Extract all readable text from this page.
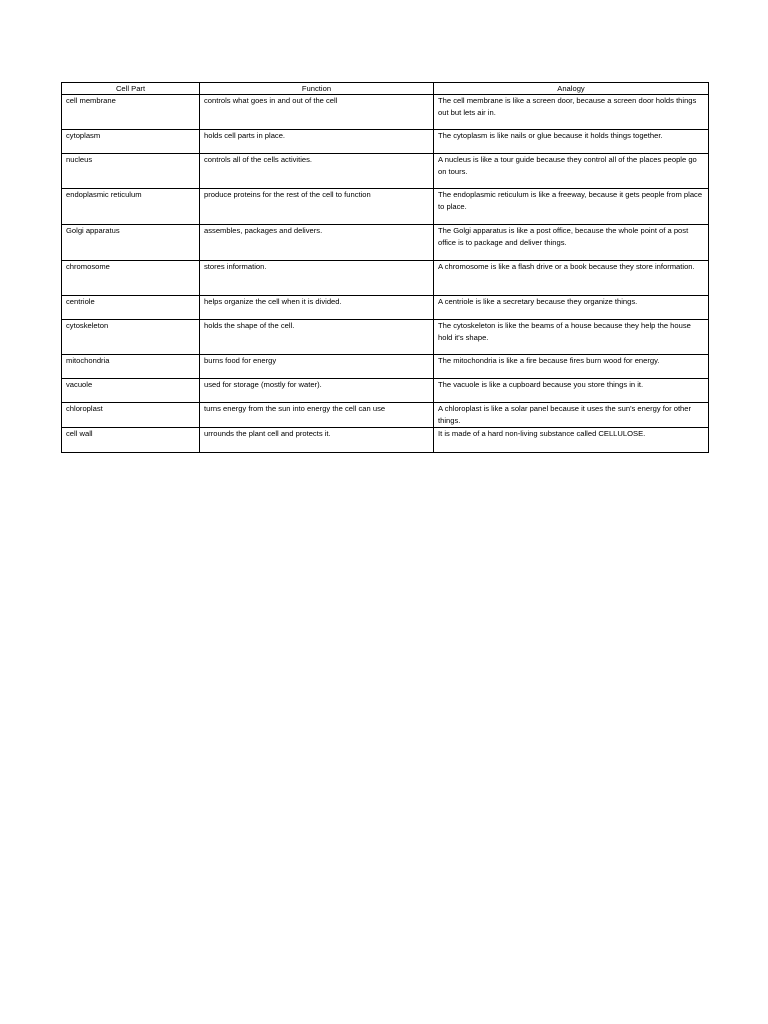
Cell Part	Function	Analogy
cell membrane	controls what goes in and out of the cell	The cell membrane is like a screen door, because a screen door holds things out but lets air in.
cytoplasm	holds cell parts in place.	The cytoplasm is like nails or glue because it holds things together.
nucleus	controls all of the cells activities.	A nucleus is like a tour guide because they control all of the places people go on tours.
endoplasmic reticulum	produce proteins for the rest of the cell to function	The endoplasmic reticulum is like a freeway, because it gets people from place to place.
Golgi apparatus	assembles, packages and delivers.	The Golgi apparatus is like a post office, because the whole point of a post office is to package and deliver things.
chromosome	stores information.	A chromosome is like a flash drive or a book because they store information.
centriole	helps organize the cell when it is divided.	A centriole is like a secretary because they organize things.
cytoskeleton	holds the shape of the cell.	The cytoskeleton is like the beams of a house because they help the house hold it's shape.
mitochondria	burns food for energy	The mitochondria is like a fire because fires burn wood for energy.
vacuole	used for storage (mostly for water).	The vacuole is like a cupboard because you store things in it.
chloroplast	turns energy from the sun into energy the cell can use	A chloroplast is like a solar panel because it uses the sun's energy for other things.
cell wall	urrounds the plant cell and protects it.	It is made of a hard non-living substance called CELLULOSE.
